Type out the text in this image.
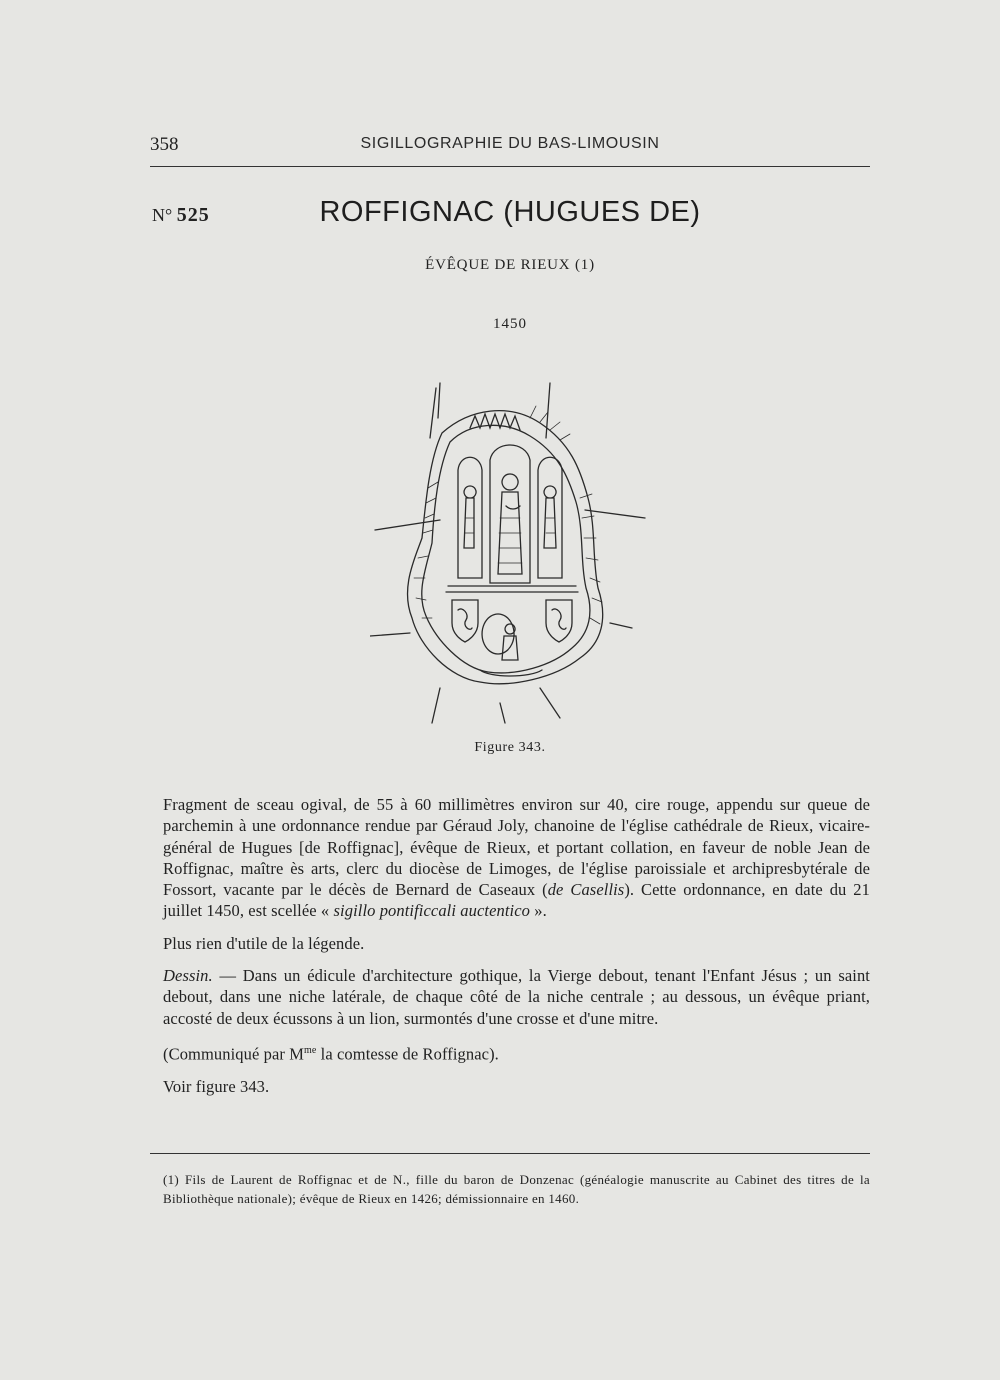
358	SIGILLOGRAPHIE DU BAS-LIMOUSIN
N° 525	ROFFIGNAC (HUGUES DE)
ÉVÊQUE DE RIEUX (1)
1450
Figure 343.

Fragment de sceau ogival, de 55 à 60 millimètres environ sur 40, cire rouge, appendu sur queue de parchemin à une ordonnance rendue par Géraud Joly, chanoine de l'église cathédrale de Rieux, vicaire-général de Hugues [de Roffignac], évêque de Rieux, et portant collation, en faveur de noble Jean de Roffignac, maître ès arts, clerc du diocèse de Limoges, de l'église paroissiale et archipresbytérale de Fossort, vacante par le décès de Bernard de Caseaux (de Casellis). Cette ordonnance, en date du 21 juillet 1450, est scellée « sigillo pontificcali auctentico ».

Plus rien d'utile de la légende.

Dessin. — Dans un édicule d'architecture gothique, la Vierge debout, tenant l'Enfant Jésus ; un saint debout, dans une niche latérale, de chaque côté de la niche centrale ; au dessous, un évêque priant, accosté de deux écussons à un lion, surmontés d'une crosse et d'une mitre.

(Communiqué par $M^{me}$ la comtesse de Roffignac).

Voir figure 343.

(1) Fils de Laurent de Roffignac et de N., fille du baron de Donzenac (généalogie manuscrite au Cabinet des titres de la Bibliothèque nationale); évêque de Rieux en 1426; démissionnaire en 1460.
